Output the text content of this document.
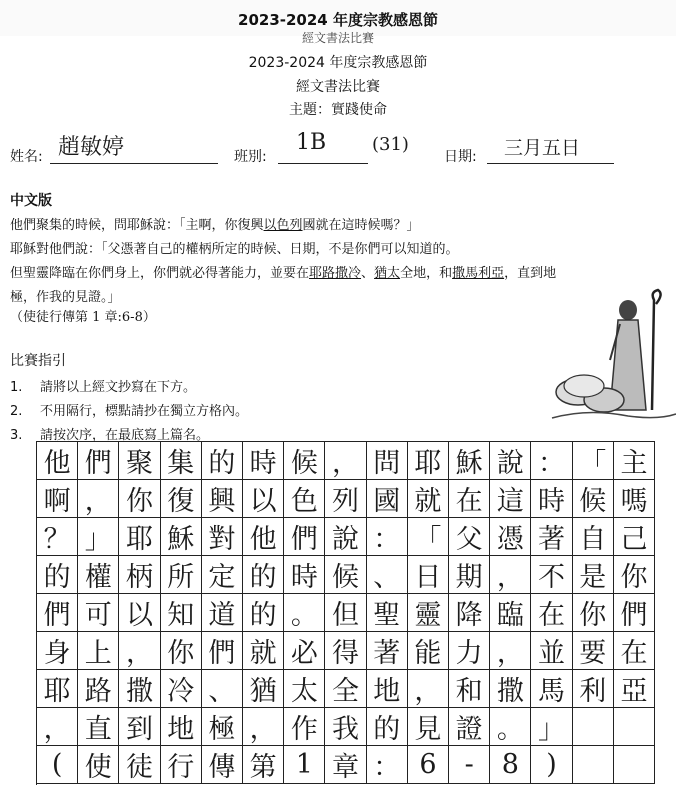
2023-2024 年度宗教感恩節
經文書法比賽
2023-2024 年度宗教感恩節
經文書法比賽
主題：實踐使命
姓名: 趙敏婷	班別:
1B	(31)
日期: 三月五日
中文版
他們聚集的時候，問耶穌說：「主啊，你復興以色列國就在這時候嗎？」
耶穌對他們說：「父憑著自己的權柄所定的時候、日期，不是你們可以知道的。
但聖靈降臨在你們身上，你們就必得著能力，並要在耶路撒冷、猶太全地，和撒馬利亞，直到地
極，作我的見證。」
（使徒行傳第 1 章:6-8）
比賽指引
1. 請將以上經文抄寫在下方。
2. 不用隔行，標點請抄在獨立方格內。
3. 請按次序，在最底寫上篇名。
他 們 聚 集 的 時 候 ， 問 耶 穌 說 ： 「 主
啊 ， 你 復 興 以 色 列 國 就 在 這 時 候 嗎
？ 」 耶 穌 對 他 們 說 ： 「 父 憑 著 自 己
的 權 柄 所 定 的 時 候 、 日 期 ， 不 是 你
們 可 以 知 道 的 。 但 聖 靈 降 臨 在 你 們
身 上 ， 你 們 就 必 得 著 能 力 ， 並 要 在
耶 路 撒 冷 、 猶 太 全 地 ， 和 撒 馬 利 亞
， 直 到 地 極 ， 作 我 的 見 證 。 」
( 使 徒 行 傳 第 1 章 ： 6	-	8	)
